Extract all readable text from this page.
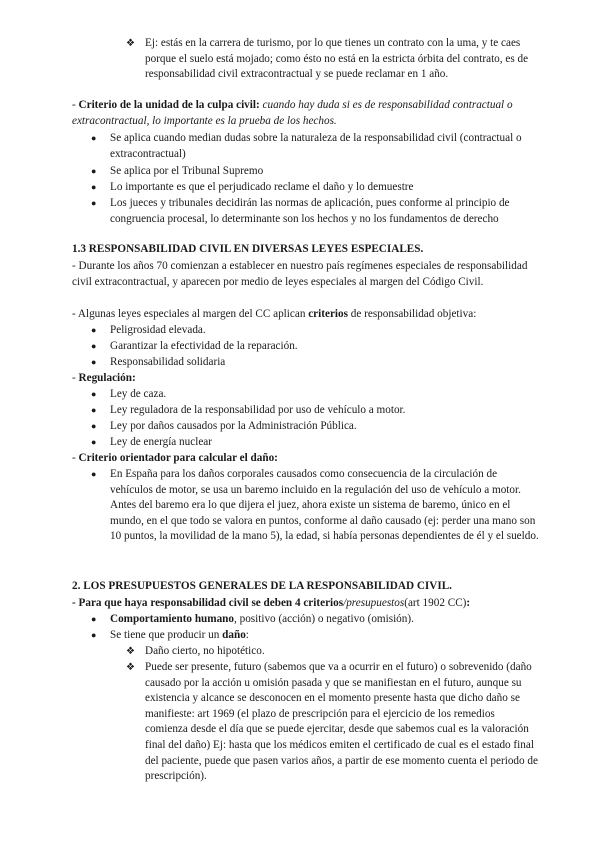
❖ Ej: estás en la carrera de turismo, por lo que tienes un contrato con la uma, y te caes porque el suelo está mojado; como ésto no está en la estricta órbita del contrato, es de responsabilidad civil extracontractual y se puede reclamar en 1 año.
- Criterio de la unidad de la culpa civil: cuando hay duda si es de responsabilidad contractual o extracontractual, lo importante es la prueba de los hechos.
●	Se aplica cuando median dudas sobre la naturaleza de la responsabilidad civil (contractual o extracontractual)
●	Se aplica por el Tribunal Supremo
●	Lo importante es que el perjudicado reclame el daño y lo demuestre
●	Los jueces y tribunales decidirán las normas de aplicación, pues conforme al principio de congruencia procesal, lo determinante son los hechos y no los fundamentos de derecho
1.3 RESPONSABILIDAD CIVIL EN DIVERSAS LEYES ESPECIALES.
- Durante los años 70 comienzan a establecer en nuestro país regímenes especiales de responsabilidad civil extracontractual, y aparecen por medio de leyes especiales al margen del Código Civil.
- Algunas leyes especiales al margen del CC aplican criterios de responsabilidad objetiva:
●	Peligrosidad elevada.
●	Garantizar la efectividad de la reparación.
●	Responsabilidad solidaria
- Regulación:
●	Ley de caza.
●	Ley reguladora de la responsabilidad por uso de vehículo a motor.
●	Ley por daños causados por la Administración Pública.
●	Ley de energía nuclear
- Criterio orientador para calcular el daño:
●	En España para los daños corporales causados como consecuencia de la circulación de vehículos de motor, se usa un baremo incluido en la regulación del uso de vehículo a motor. Antes del baremo era lo que dijera el juez, ahora existe un sistema de baremo, único en el mundo, en el que todo se valora en puntos, conforme al daño causado (ej: perder una mano son 10 puntos, la movilidad de la mano 5), la edad, si había personas dependientes de él y el sueldo.
2. LOS PRESUPUESTOS GENERALES DE LA RESPONSABILIDAD CIVIL.
- Para que haya responsabilidad civil se deben 4 criterios/presupuestos(art 1902 CC):
●	Comportamiento humano, positivo (acción) o negativo (omisión).
●	Se tiene que producir un daño:
❖ Daño cierto, no hipotético.
❖ Puede ser presente, futuro (sabemos que va a ocurrir en el futuro) o sobrevenido (daño causado por la acción u omisión pasada y que se manifiestan en el futuro, aunque su existencia y alcance se desconocen en el momento presente hasta que dicho daño se manifieste: art 1969 (el plazo de prescripción para el ejercicio de los remedios comienza desde el día que se puede ejercitar, desde que sabemos cual es la valoración final del daño) Ej: hasta que los médicos emiten el certificado de cual es el estado final del paciente, puede que pasen varios años, a partir de ese momento cuenta el periodo de prescripción).
